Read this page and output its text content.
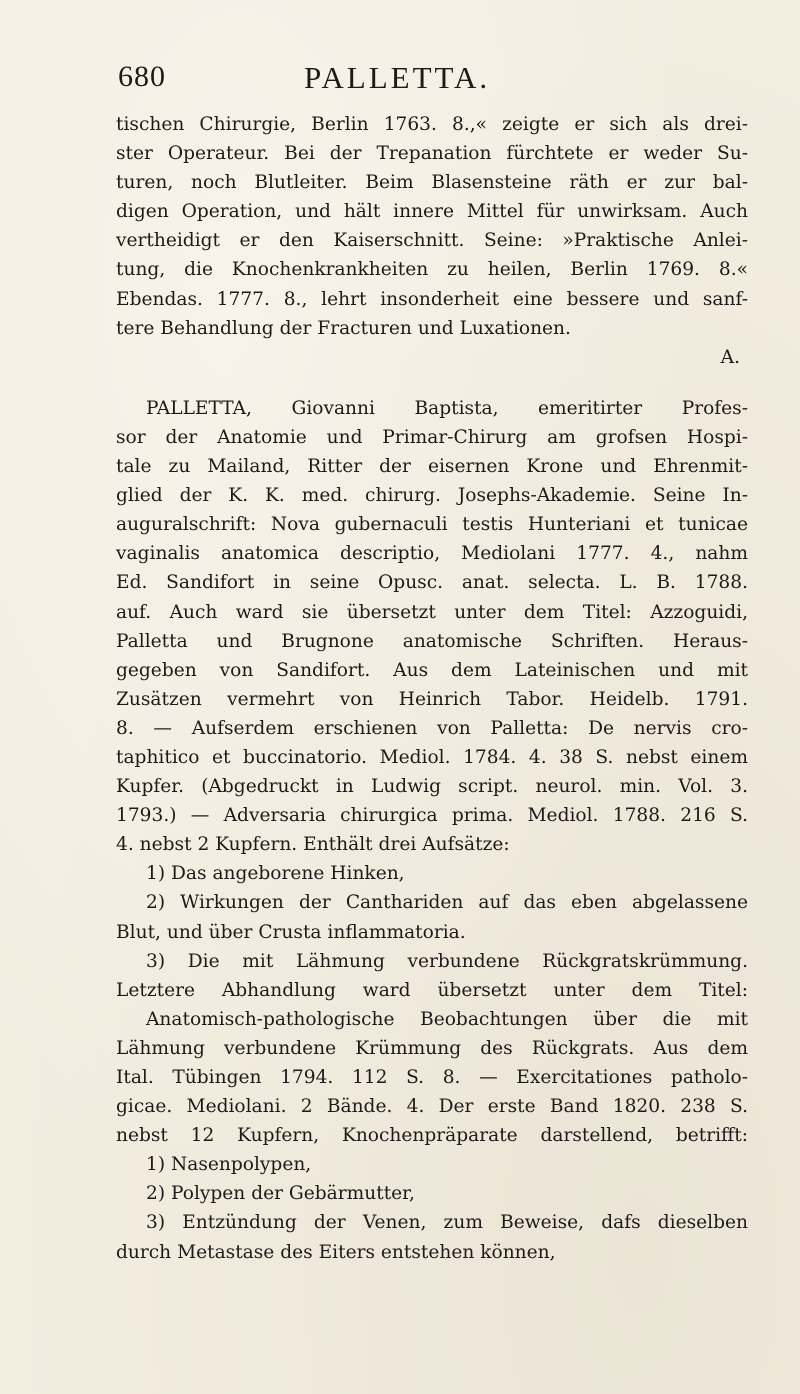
680	PALLETTA.
tischen Chirurgie, Berlin 1763. 8.,« zeigte er sich als drei-
ster Operateur. Bei der Trepanation fürchtete er weder Su-
turen, noch Blutleiter. Beim Blasensteine räth er zur bal-
digen Operation, und hält innere Mittel für unwirksam. Auch
vertheidigt er den Kaiserschnitt. Seine: »Praktische Anlei-
tung, die Knochenkrankheiten zu heilen, Berlin 1769. 8.«
Ebendas. 1777. 8., lehrt insonderheit eine bessere und sanf-
tere Behandlung der Fracturen und Luxationen.
A.
PALLETTA, Giovanni Baptista, emeritirter Profes-
sor der Anatomie und Primar-Chirurg am grofsen Hospi-
tale zu Mailand, Ritter der eisernen Krone und Ehrenmit-
glied der K. K. med. chirurg. Josephs-Akademie. Seine In-
auguralschrift: Nova gubernaculi testis Hunteriani et tunicae
vaginalis anatomica descriptio, Mediolani 1777. 4., nahm
Ed. Sandifort in seine Opusc. anat. selecta. L. B. 1788.
auf. Auch ward sie übersetzt unter dem Titel: Azzoguidi,
Palletta und Brugnone anatomische Schriften. Heraus-
gegeben von Sandifort. Aus dem Lateinischen und mit
Zusätzen vermehrt von Heinrich Tabor. Heidelb. 1791.
8. — Aufserdem erschienen von Palletta: De nervis cro-
taphitico et buccinatorio. Mediol. 1784. 4. 38 S. nebst einem
Kupfer. (Abgedruckt in Ludwig script. neurol. min. Vol. 3.
1793.) — Adversaria chirurgica prima. Mediol. 1788. 216 S.
4. nebst 2 Kupfern. Enthält drei Aufsätze:
1) Das angeborene Hinken,
2) Wirkungen der Canthariden auf das eben abgelassene
Blut, und über Crusta inflammatoria.
3) Die mit Lähmung verbundene Rückgratskrümmung.
Letztere Abhandlung ward übersetzt unter dem Titel:
Anatomisch-pathologische Beobachtungen über die mit
Lähmung verbundene Krümmung des Rückgrats. Aus dem
Ital. Tübingen 1794. 112 S. 8. — Exercitationes patholo-
gicae. Mediolani. 2 Bände. 4. Der erste Band 1820. 238 S.
nebst 12 Kupfern, Knochenpräparate darstellend, betrifft:
1) Nasenpolypen,
2) Polypen der Gebärmutter,
3) Entzündung der Venen, zum Beweise, dafs dieselben
durch Metastase des Eiters entstehen können,
